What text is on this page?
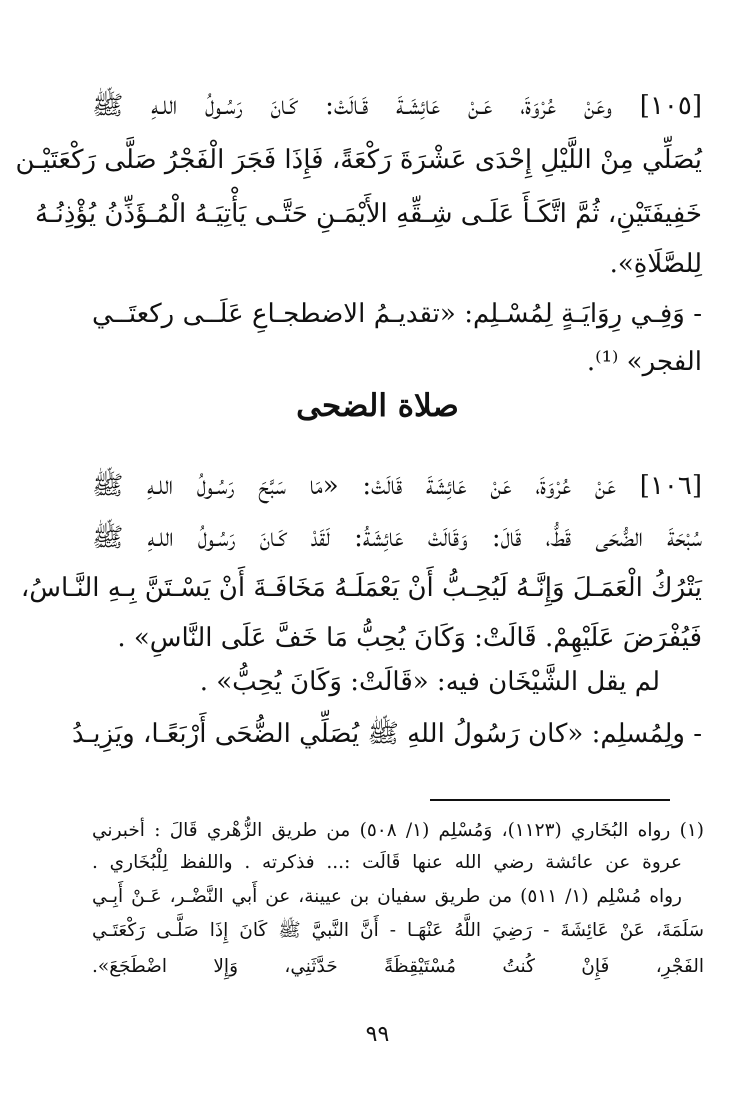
[١٠٥] وعَنْ عُرْوَةَ، عَـنْ عَائِشَـةَ قَـالَتْ: كَـانَ رَسُـولُ اللـهِ ﷺ
يُصَلِّي مِنْ اللَّيْلِ إِحْدَى عَشْرَةَ رَكْعَةً، فَإِذَا فَجَرَ الْفَجْرُ صَلَّى رَكْعَتَيْـن
خَفِيفَتَيْنِ، ثُمَّ اتَّكَـأَ عَلَـى شِـقِّهِ الأَيْمَـنِ حَتَّـى يَأْتِيَـهُ الْمُـؤَذِّنُ يُؤْذِنُـهُ
لِلصَّلَاةِ».
- وَفِـي رِوَايَـةٍ لِمُسْـلِم: «تقديـمُ الاضطجـاعِ عَلَــى ركعتَــي
الفجر» ⁽¹⁾.
صلاة الضحى
[١٠٦] عَنْ عُرْوَةَ، عَنْ عَائِشَةَ قَالَتْ: «مَا سَبَّحَ رَسُـولُ اللـهِ ﷺ
سُبْحَةَ الضُّحَى قَطُّ، قَالَ: وَقَالَتْ عَائِشَةُ: لَقَدْ كَـانَ رَسُـولُ اللـهِ ﷺ
يَتْرُكُ الْعَمَـلَ وَإِنَّـهُ لَيُحِـبُّ أَنْ يَعْمَلَـهُ مَخَافَـةَ أَنْ يَسْـتَنَّ بِـهِ النَّـاسُ،
فَيُفْرَضَ عَلَيْهِمْ. قَالَتْ: وَكَانَ يُحِبُّ مَا خَفَّ عَلَى النَّاسِ» .
لم يقل الشَّيْخَان فيه: «قَالَتْ: وَكَانَ يُحِبُّ» .
- ولِمُسلِم: «كان رَسُولُ اللهِ ﷺ يُصَلِّي الضُّحَى أَرْبَعًـا، ويَزِيـدُ
(١) رواه البُخَاري (١١٢٣)، وَمُسْلِم (١/ ٥٠٨) من طريق الزُّهْري قَالَ : أخبرني
عروة عن عائشة رضي الله عنها قَالَت :... فذكرته . واللفظ لِلْبُخَاري .
رواه مُسْلِم (١/ ٥١١) من طريق سفيان بن عيينة، عن أَبي النَّضْـر، عَـنْ أَبِـي
سَلَمَةَ، عَنْ عَائِشَةَ - رَضِيَ اللَّهُ عَنْهَـا - أَنَّ النَّبيَّ ﷺ كَانَ إِذَا صَلَّـى رَكْعَتَـي
الفَجْرِ، فَإِنْ كُنتُ مُسْتَيْقِظَةً حَدَّثَنِي، وَإِلا اضْطَجَعَ».
٩٩
